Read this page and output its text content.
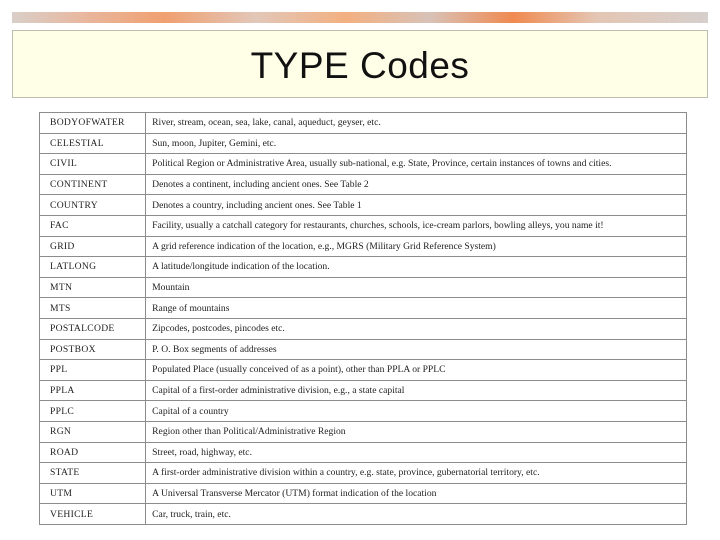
TYPE Codes
BODYOFWATER	River, stream, ocean, sea, lake, canal, aqueduct, geyser, etc.
CELESTIAL	Sun, moon, Jupiter, Gemini, etc.
CIVIL	Political Region or Administrative Area, usually sub-national, e.g. State, Province, certain instances of towns and cities.
CONTINENT	Denotes a continent, including ancient ones. See Table 2
COUNTRY	Denotes a country, including ancient ones. See Table 1
FAC	Facility, usually a catchall category for restaurants, churches, schools, ice-cream parlors, bowling alleys, you name it!
GRID	A grid reference indication of the location, e.g., MGRS (Military Grid Reference System)
LATLONG	A latitude/longitude indication of the location.
MTN	Mountain
MTS	Range of mountains
POSTALCODE	Zipcodes, postcodes, pincodes etc.
POSTBOX	P. O. Box segments of addresses
PPL	Populated Place (usually conceived of as a point), other than PPLA or PPLC
PPLA	Capital of a first-order administrative division, e.g., a state capital
PPLC	Capital of a country
RGN	Region other than Political/Administrative Region
ROAD	Street, road, highway, etc.
STATE	A first-order administrative division within a country, e.g. state, province, gubernatorial territory, etc.
UTM	A Universal Transverse Mercator (UTM) format indication of the location
VEHICLE	Car, truck, train, etc.
